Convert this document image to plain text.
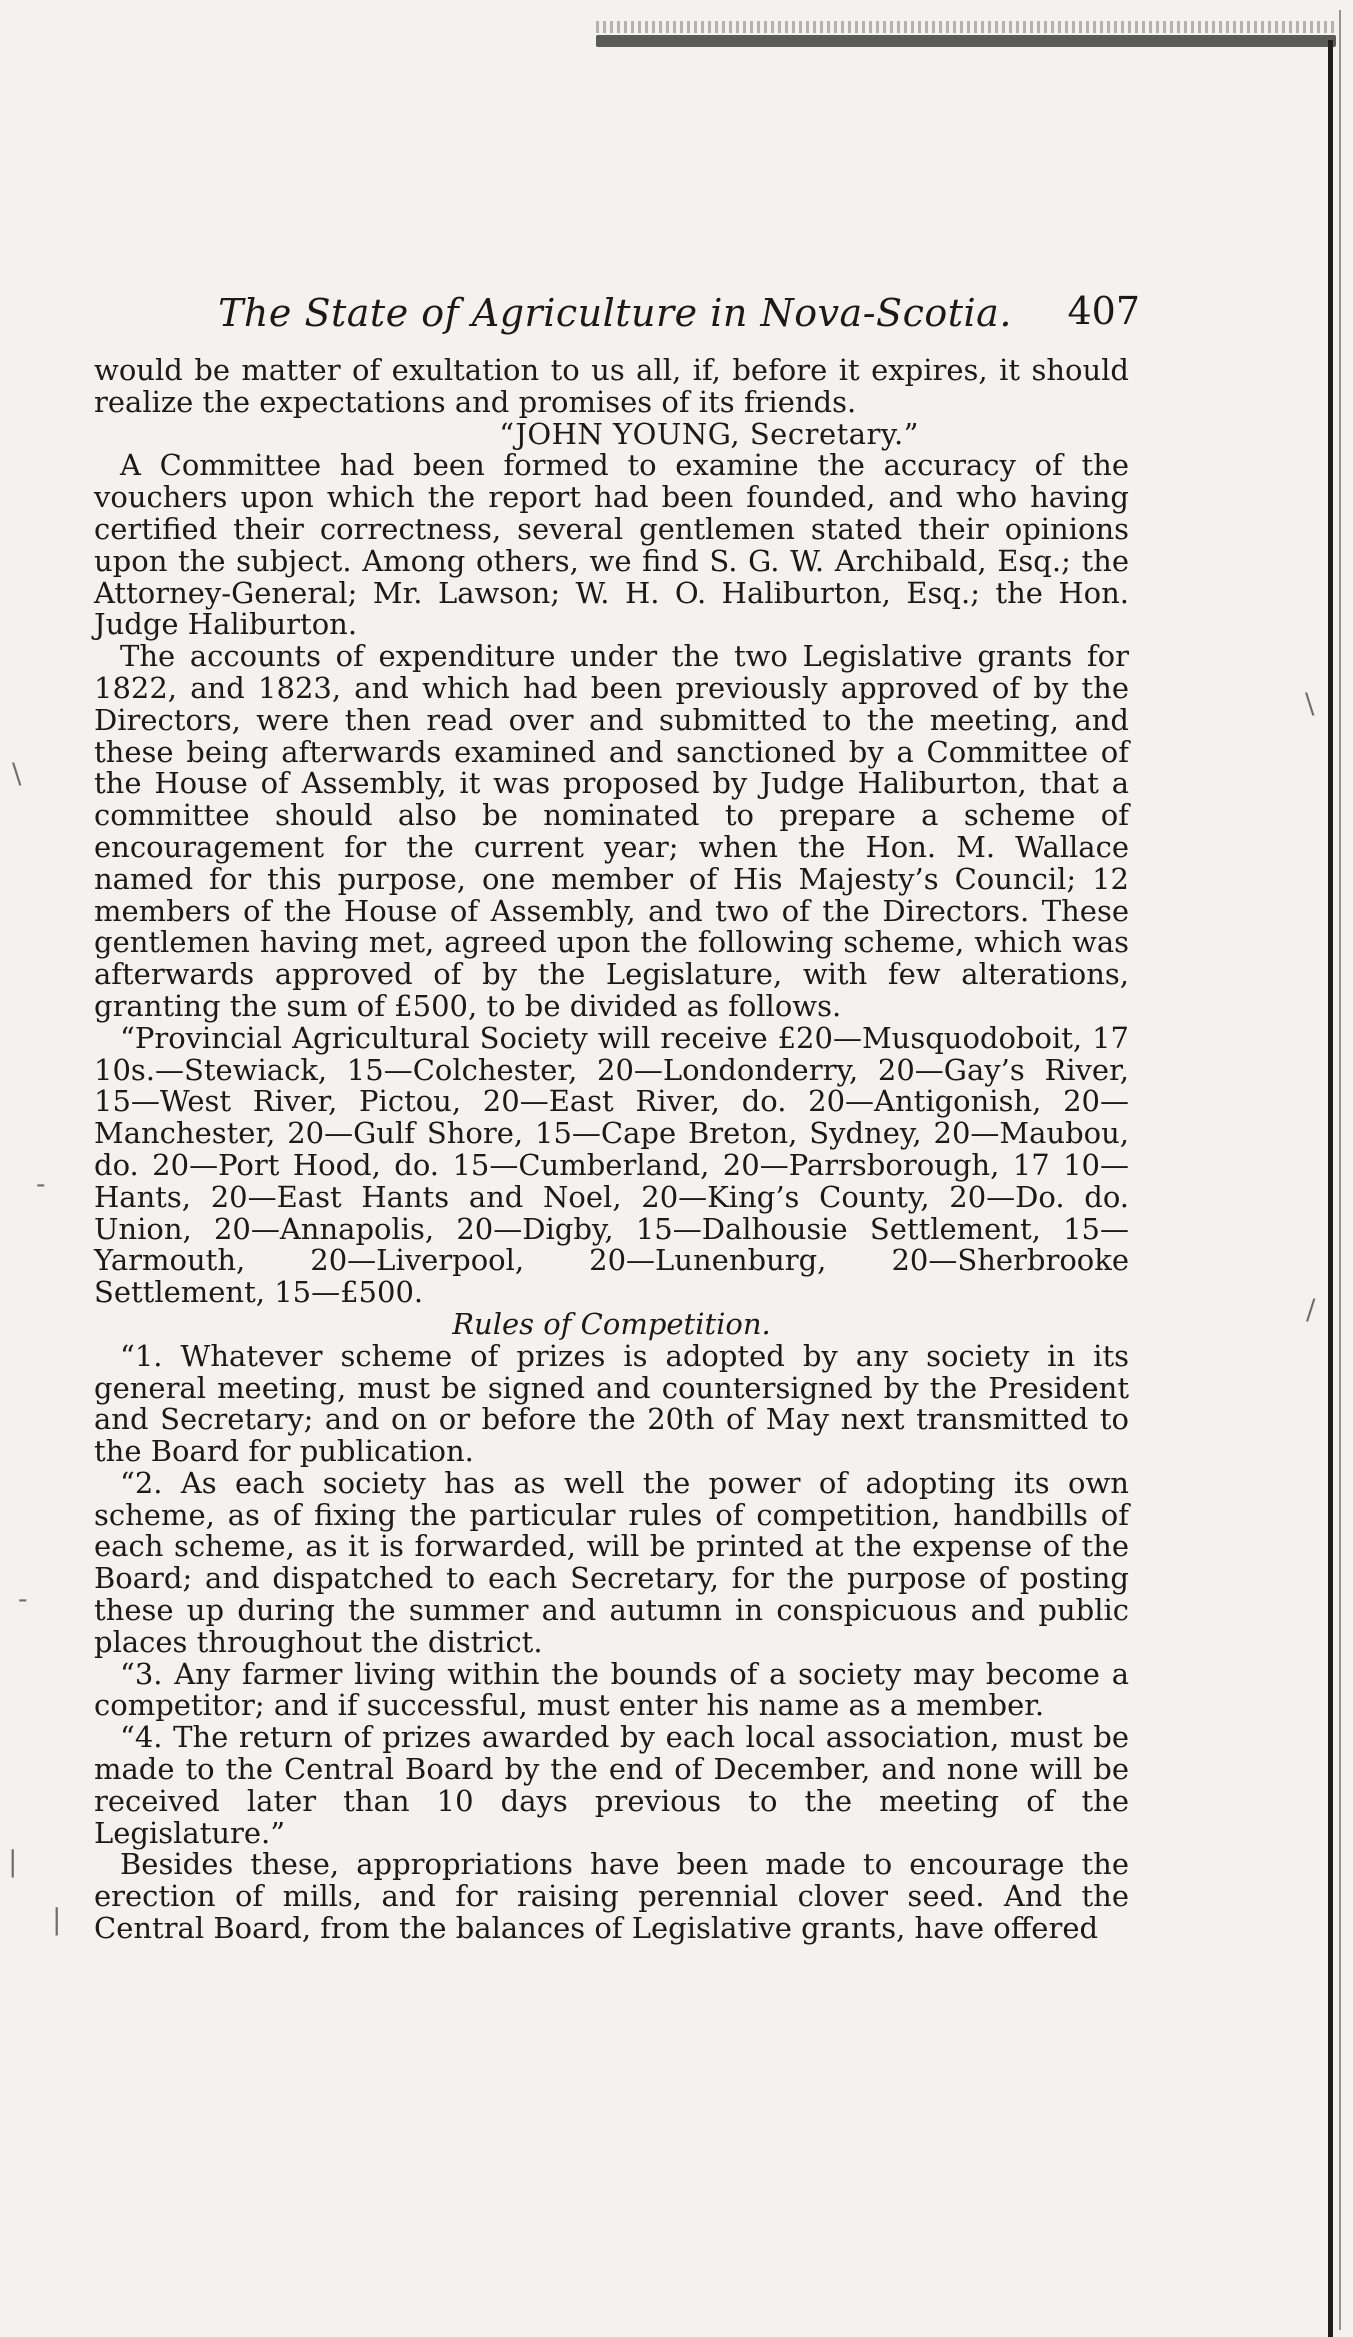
\
-
-
|
|
\
/
The State of Agriculture in Nova-Scotia.	407

would be matter of exultation to us all, if, before it expires, it should realize the expectations and promises of its friends.

“JOHN YOUNG, Secretary.”

A Committee had been formed to examine the accuracy of the vouchers upon which the report had been founded, and who having certified their correctness, several gentlemen stated their opinions upon the subject. Among others, we find S. G. W. Archibald, Esq.; the Attorney-General; Mr. Lawson; W. H. O. Haliburton, Esq.; the Hon. Judge Haliburton.

The accounts of expenditure under the two Legislative grants for 1822, and 1823, and which had been previously approved of by the Directors, were then read over and submitted to the meeting, and these being afterwards examined and sanctioned by a Committee of the House of Assembly, it was proposed by Judge Haliburton, that a committee should also be nominated to prepare a scheme of encouragement for the current year; when the Hon. M. Wallace named for this purpose, one member of His Majesty’s Council; 12 members of the House of Assembly, and two of the Directors. These gentlemen having met, agreed upon the following scheme, which was afterwards approved of by the Legislature, with few alterations, granting the sum of £500, to be divided as follows.

“Provincial Agricultural Society will receive £20—Musquodoboit, 17 10s.—Stewiack, 15—Colchester, 20—Londonderry, 20—Gay’s River, 15—West River, Pictou, 20—East River, do. 20—Antigonish, 20—Manchester, 20—Gulf Shore, 15—Cape Breton, Sydney, 20—Maubou, do. 20—Port Hood, do. 15—Cumberland, 20—Parrsborough, 17 10—Hants, 20—East Hants and Noel, 20—King’s County, 20—Do. do. Union, 20—Annapolis, 20—Digby, 15—Dalhousie Settlement, 15—Yarmouth, 20—Liverpool, 20—Lunenburg, 20—Sherbrooke Settlement, 15—£500.

Rules of Competition.

“1. Whatever scheme of prizes is adopted by any society in its general meeting, must be signed and countersigned by the President and Secretary; and on or before the 20th of May next transmitted to the Board for publication.

“2. As each society has as well the power of adopting its own scheme, as of fixing the particular rules of competition, handbills of each scheme, as it is forwarded, will be printed at the expense of the Board; and dispatched to each Secretary, for the purpose of posting these up during the summer and autumn in conspicuous and public places throughout the district.

“3. Any farmer living within the bounds of a society may become a competitor; and if successful, must enter his name as a member.

“4. The return of prizes awarded by each local association, must be made to the Central Board by the end of December, and none will be received later than 10 days previous to the meeting of the Legislature.”

Besides these, appropriations have been made to encourage the erection of mills, and for raising perennial clover seed. And the Central Board, from the balances of Legislative grants, have offered
